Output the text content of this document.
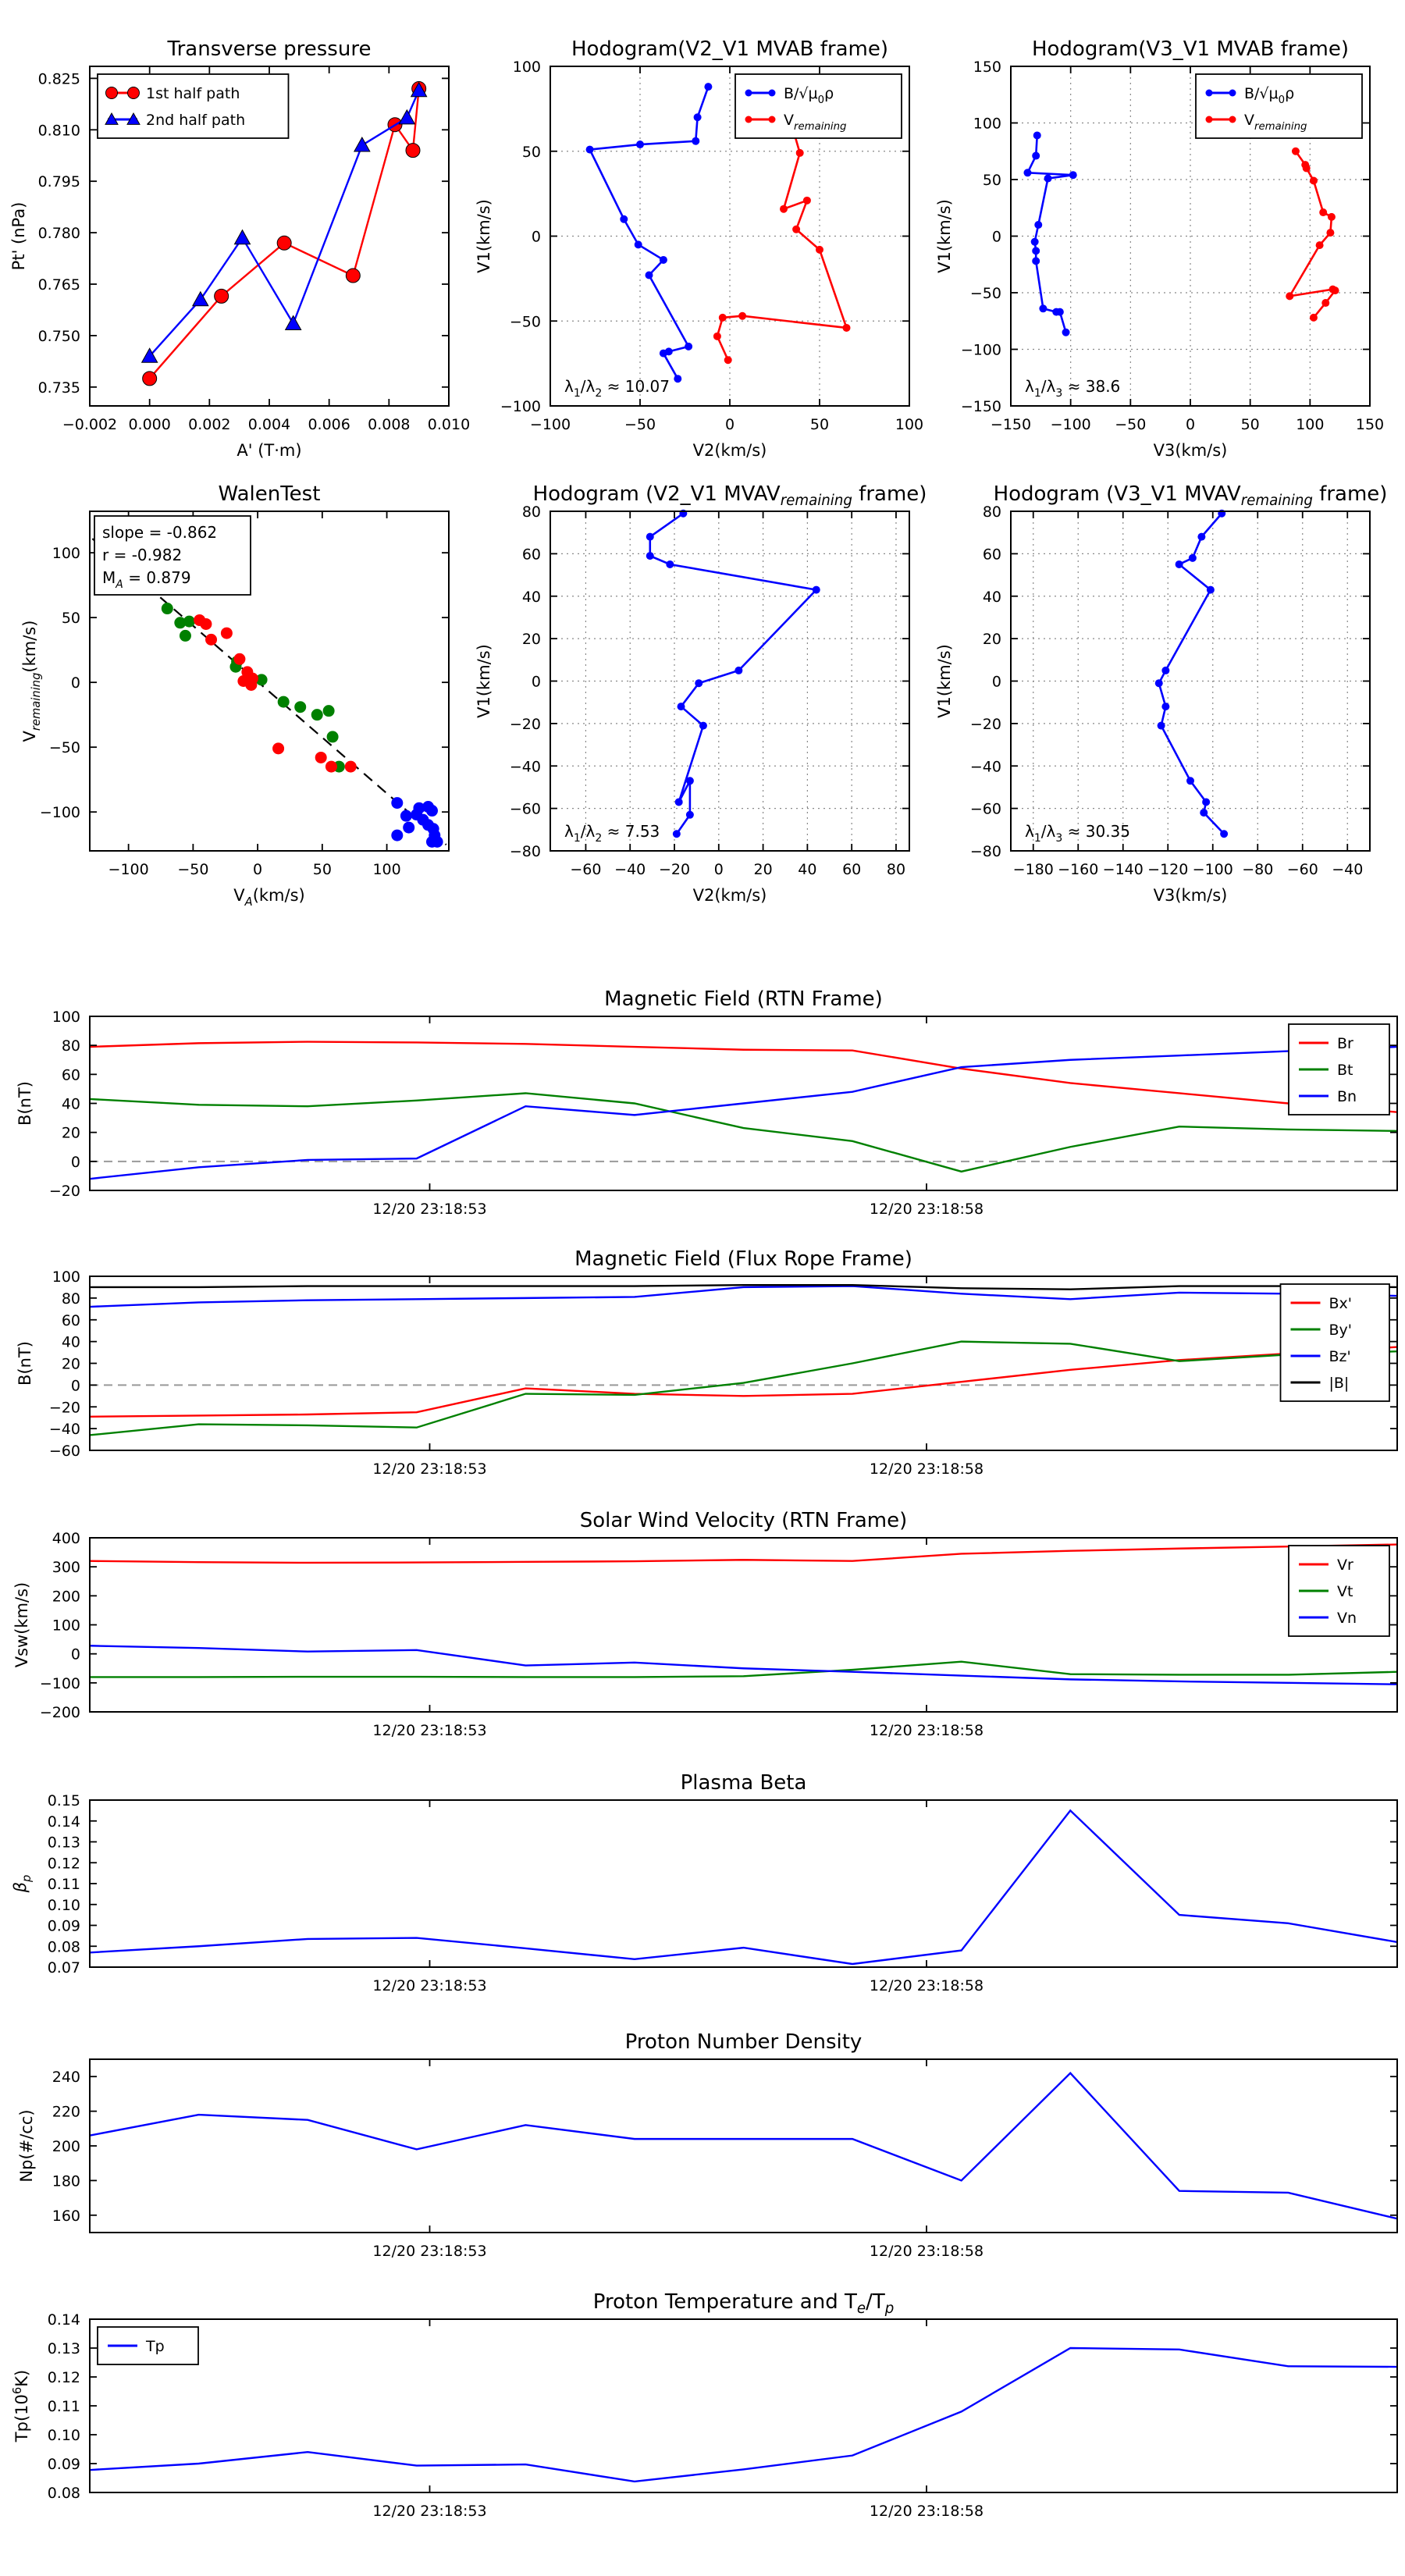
−0.002 0.000 0.002 0.004 0.006 0.008 0.010
0.735
0.750
0.765
0.780
0.795
0.810
0.825
Transverse pressure
A' (T·m)
Pt' (nPa)
1st half path
2nd half path
−100	−50	0	50	100
−100
−50
0
50
100
Hodogram(V2_V1 MVAB frame)
V2(km/s)
V1(km/s)
$B/√\mu_0\rho$
$V_{remaining}$
$\lambda_1/\lambda_2 \approx 10.07$
−150 −100 −50	0	50 100 150
−150
−100
−50
0
50
100
150
Hodogram(V3_V1 MVAB frame)
V3(km/s)
V1(km/s)
$B/√\mu_0\rho$
$V_{remaining}$
$\lambda_1/\lambda_3 \approx 38.6$
−100 −50	0	50	100
−100
−50
0
50
100
WalenTest
$V_A(km/s)$
$V_{remaining}(km/s)$
slope = -0.862
r = -0.982
$M_A = 0.879$
−60 −40 −20 0 20 40 60 80
−80
−60
−40
−20
0
20
40
60
80
Hodogram (V2_V1 $MVAV_{remaining}$ frame)
V2(km/s)
V1(km/s)
$\lambda_1/\lambda_2 \approx 7.53$
−180 −160 −140 −120 −100 −80 −60 −40
−80
−60
−40
−20
0
20
40
60
80
Hodogram (V3_V1 $MVAV_{remaining}$ frame)
V3(km/s)
V1(km/s)
$\lambda_1/\lambda_3 \approx 30.35$
12/20 23:18:53	12/20 23:18:58
−20
0
20
40
60
80
100
Magnetic Field (RTN Frame)
B(nT)
Br
Bt
Bn
12/20 23:18:53	12/20 23:18:58
−60
−40
−20
0
20
40
60
80
100
Magnetic Field (Flux Rope Frame)
B(nT)
Bx'
By'
Bz'
|B|
12/20 23:18:53	12/20 23:18:58
−200
−100
0
100
200
300
400
Solar Wind Velocity (RTN Frame)
Vsw(km/s)
Vr
Vt
Vn
12/20 23:18:53	12/20 23:18:58
0.07
0.08
0.09
0.10
0.11
0.12
0.13
0.14
0.15
Plasma Beta
$\beta_p$
12/20 23:18:53	12/20 23:18:58
160
180
200
220
240
Proton Number Density
Np(#/cc)
12/20 23:18:53	12/20 23:18:58
0.08
0.09
0.10
0.11
0.12
0.13
0.14
Proton Temperature and $T_e/T_p$
$Tp(10^6K)$
Tp
